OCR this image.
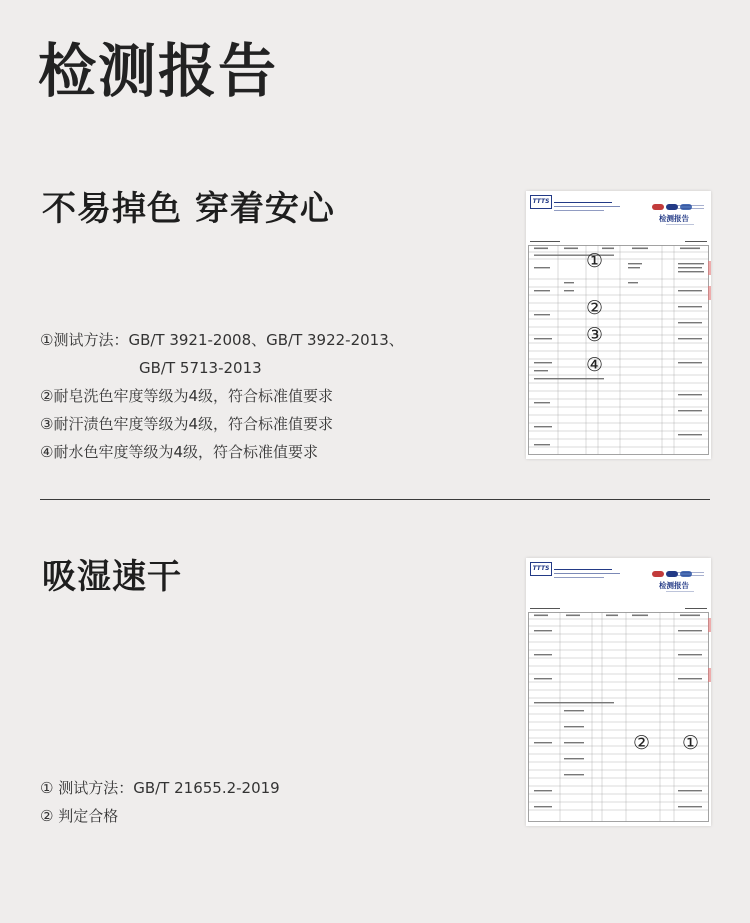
检测报告
不易掉色 穿着安心
①测试方法：GB/T 3921-2008、GB/T 3922-2013、
GB/T 5713-2013
②耐皂洗色牢度等级为4级，符合标准值要求
③耐汗渍色牢度等级为4级，符合标准值要求
④耐水色牢度等级为4级，符合标准值要求
TTTS
检测报告
①
②
③
④
吸湿速干
① 测试方法：GB/T 21655.2-2019
② 判定合格
TTTS
检测报告
② ①
